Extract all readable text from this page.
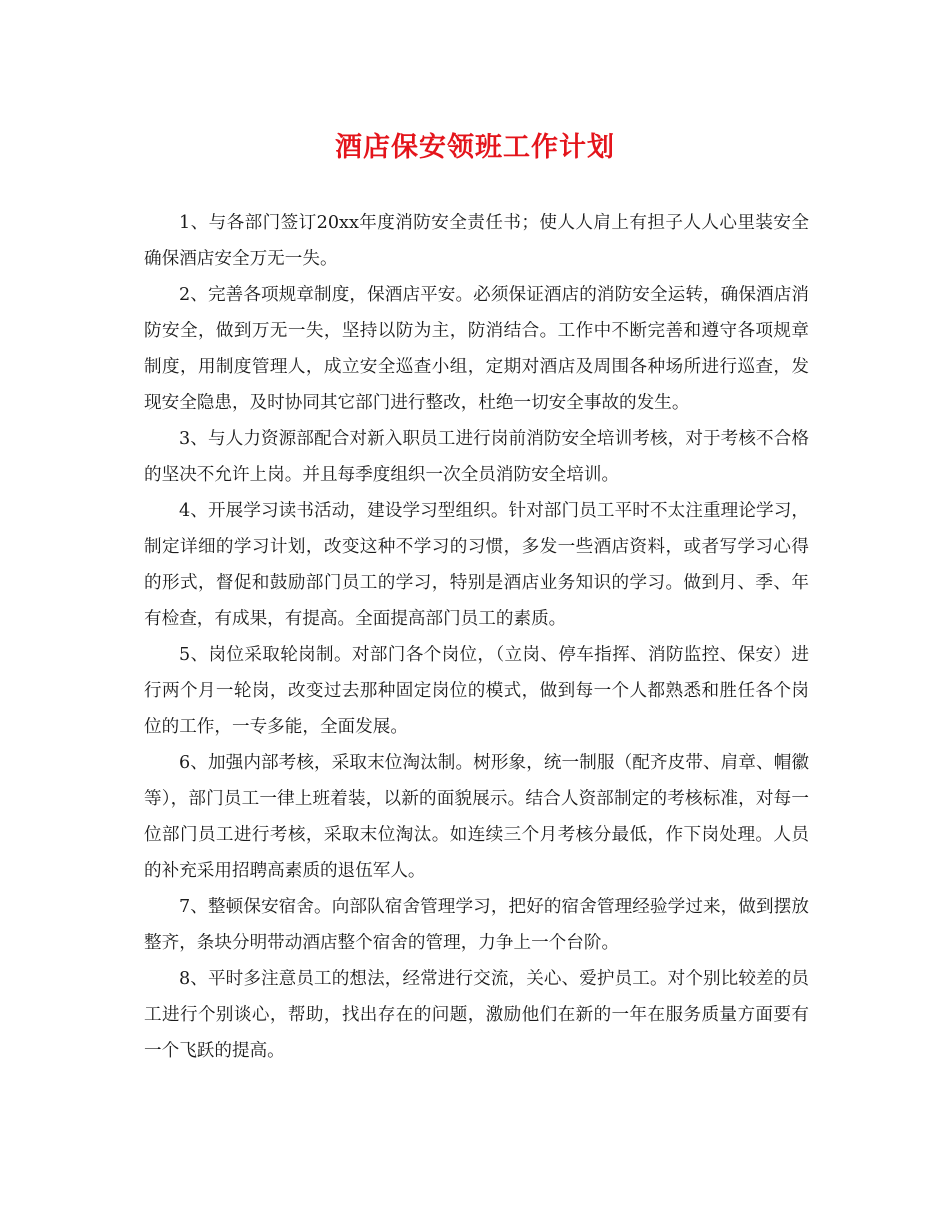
酒店保安领班工作计划

1、与各部门签订20xx年度消防安全责任书；使人人肩上有担子人人心里装安全确保酒店安全万无一失。

2、完善各项规章制度，保酒店平安。必须保证酒店的消防安全运转，确保酒店消防安全，做到万无一失，坚持以防为主，防消结合。工作中不断完善和遵守各项规章制度，用制度管理人，成立安全巡查小组，定期对酒店及周围各种场所进行巡查，发现安全隐患，及时协同其它部门进行整改，杜绝一切安全事故的发生。

3、与人力资源部配合对新入职员工进行岗前消防安全培训考核，对于考核不合格的坚决不允许上岗。并且每季度组织一次全员消防安全培训。

4、开展学习读书活动，建设学习型组织。针对部门员工平时不太注重理论学习，制定详细的学习计划，改变这种不学习的习惯，多发一些酒店资料，或者写学习心得的形式，督促和鼓励部门员工的学习，特别是酒店业务知识的学习。做到月、季、年有检查，有成果，有提高。全面提高部门员工的素质。

5、岗位采取轮岗制。对部门各个岗位，（立岗、停车指挥、消防监控、保安）进行两个月一轮岗，改变过去那种固定岗位的模式，做到每一个人都熟悉和胜任各个岗位的工作，一专多能，全面发展。

6、加强内部考核，采取末位淘汰制。树形象，统一制服（配齐皮带、肩章、帽徽等），部门员工一律上班着装，以新的面貌展示。结合人资部制定的考核标准，对每一位部门员工进行考核，采取末位淘汰。如连续三个月考核分最低，作下岗处理。人员的补充采用招聘高素质的退伍军人。

7、整顿保安宿舍。向部队宿舍管理学习，把好的宿舍管理经验学过来，做到摆放整齐，条块分明带动酒店整个宿舍的管理，力争上一个台阶。

8、平时多注意员工的想法，经常进行交流，关心、爱护员工。对个别比较差的员工进行个别谈心，帮助，找出存在的问题，激励他们在新的一年在服务质量方面要有一个飞跃的提高。
